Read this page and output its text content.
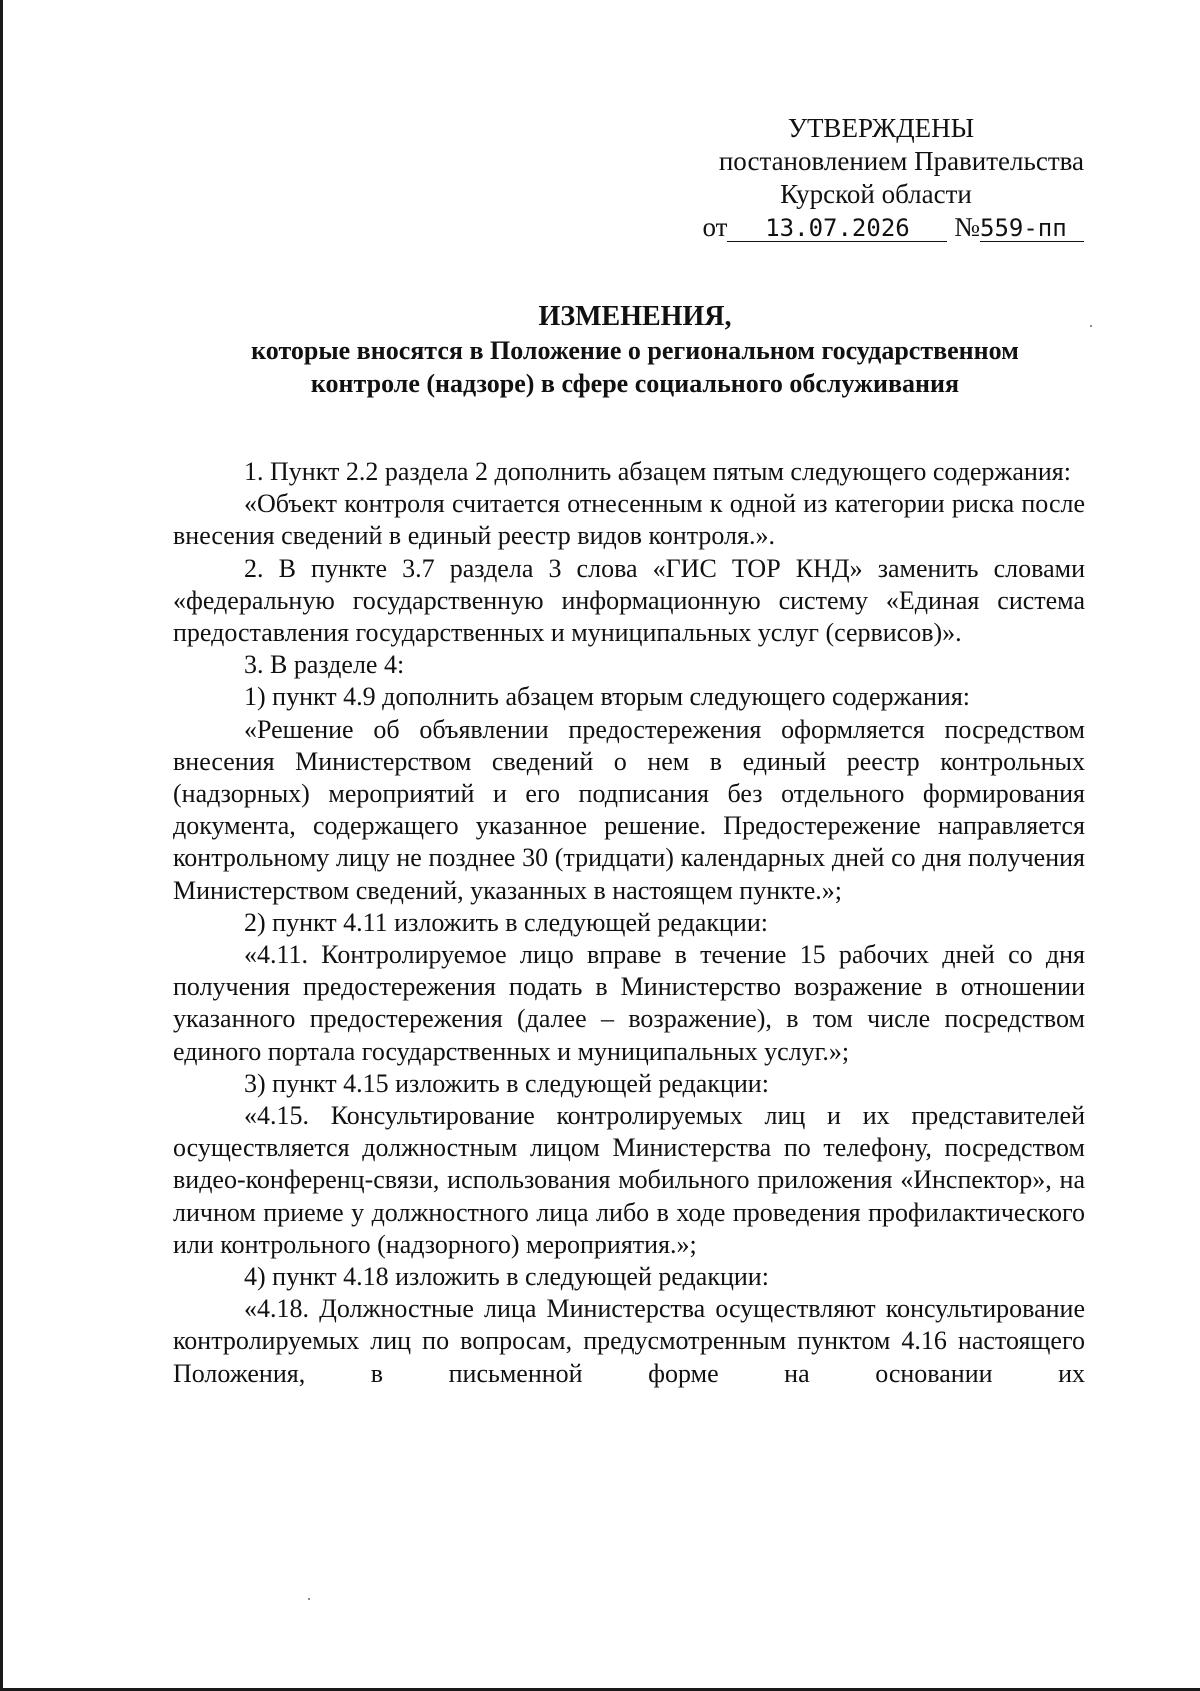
УТВЕРЖДЕНЫ
постановлением Правительства
Курской области
от 13.07.2026 №559-пп

ИЗМЕНЕНИЯ,

которые вносятся в Положение о региональном государственном

контроле (надзоре) в сфере социального обслуживания

1. Пункт 2.2 раздела 2 дополнить абзацем пятым следующего содержания:

«Объект контроля считается отнесенным к одной из категории риска после внесения сведений в единый реестр видов контроля.».

2. В пункте 3.7 раздела 3 слова «ГИС ТОР КНД» заменить словами «федеральную государственную информационную систему «Единая система предоставления государственных и муниципальных услуг (сервисов)».

3. В разделе 4:

1) пункт 4.9 дополнить абзацем вторым следующего содержания:

«Решение об объявлении предостережения оформляется посредством внесения Министерством сведений о нем в единый реестр контрольных (надзорных) мероприятий и его подписания без отдельного формирования документа, содержащего указанное решение. Предостережение направляется контрольному лицу не позднее 30 (тридцати) календарных дней со дня получения Министерством сведений, указанных в настоящем пункте.»;

2) пункт 4.11 изложить в следующей редакции:

«4.11. Контролируемое лицо вправе в течение 15 рабочих дней со дня получения предостережения подать в Министерство возражение в отношении указанного предостережения (далее – возражение), в том числе посредством единого портала государственных и муниципальных услуг.»;

3) пункт 4.15 изложить в следующей редакции:

«4.15. Консультирование контролируемых лиц и их представителей осуществляется должностным лицом Министерства по телефону, посредством видео-конференц-связи, использования мобильного приложения «Инспектор», на личном приеме у должностного лица либо в ходе проведения профилактического или контрольного (надзорного) мероприятия.»;

4) пункт 4.18 изложить в следующей редакции:

«4.18. Должностные лица Министерства осуществляют консультирование контролируемых лиц по вопросам, предусмотренным пунктом 4.16 настоящего Положения, в письменной форме на основании их
